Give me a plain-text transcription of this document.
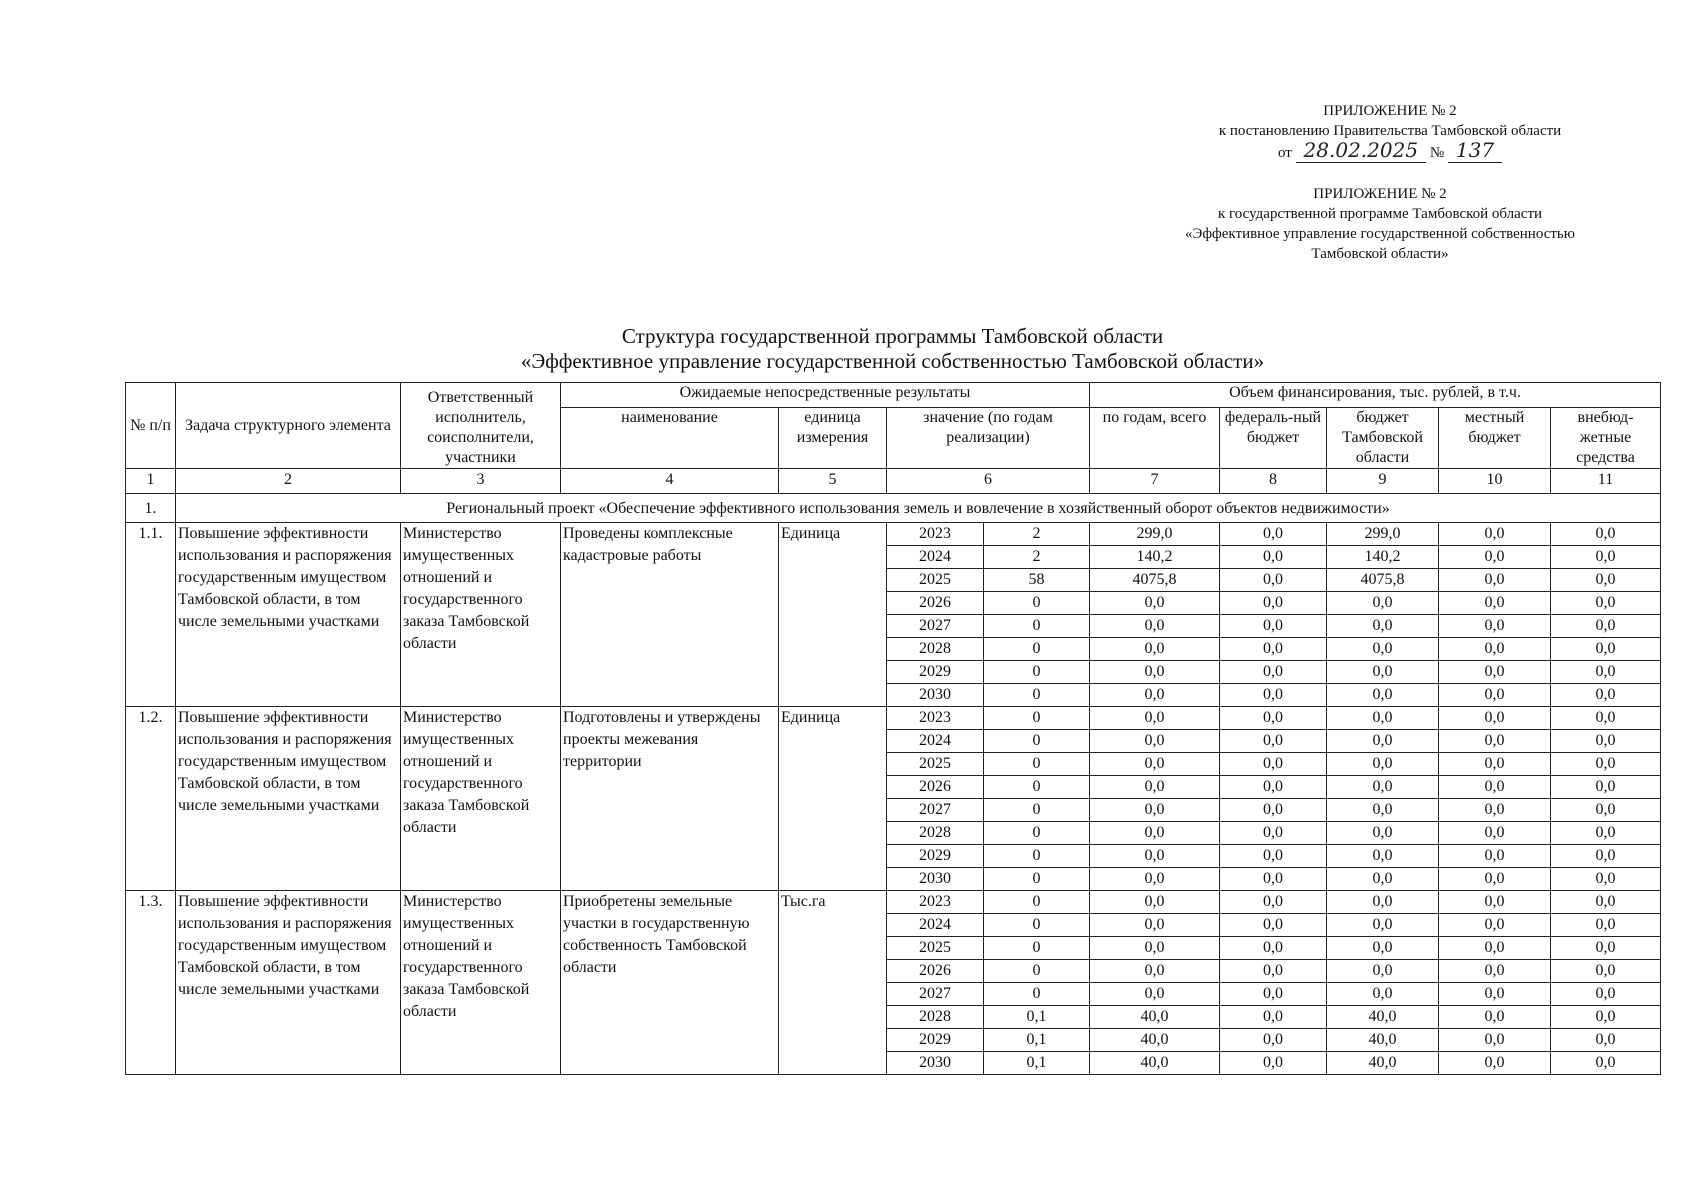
ПРИЛОЖЕНИЕ № 2
к постановлению Правительства Тамбовской области
от 28.02.2025 № 137
ПРИЛОЖЕНИЕ № 2
к государственной программе Тамбовской области
«Эффективное управление государственной собственностью
Тамбовской области»
Структура государственной программы Тамбовской области
«Эффективное управление государственной собственностью Тамбовской области»
№ п/п	Задача структурного элемента	Ответственный исполнитель, соисполнители, участники	Ожидаемые непосредственные результаты				Объем финансирования, тыс. рублей, в т.ч.				
			наименование	единица измерения	значение (по годам реализации)		по годам, всего	федераль-ный бюджет	бюджет Тамбовской области	местный бюджет	внебюд-жетные средства
1	2	3	4	5	6		7	8	9	10	11
1.	Региональный проект «Обеспечение эффективного использования земель и вовлечение в хозяйственный оборот объектов недвижимости»										
1.1.	Повышение эффективности использования и распоряжения государственным имуществом Тамбовской области, в том числе земельными участками	Министерство имущественных отношений и государственного заказа Тамбовской области	Проведены комплексные кадастровые работы	Единица	2023	2	299,0	0,0	299,0	0,0	0,0
					2024	2	140,2	0,0	140,2	0,0	0,0
					2025	58	4075,8	0,0	4075,8	0,0	0,0
					2026	0	0,0	0,0	0,0	0,0	0,0
					2027	0	0,0	0,0	0,0	0,0	0,0
					2028	0	0,0	0,0	0,0	0,0	0,0
					2029	0	0,0	0,0	0,0	0,0	0,0
					2030	0	0,0	0,0	0,0	0,0	0,0
1.2.	Повышение эффективности использования и распоряжения государственным имуществом Тамбовской области, в том числе земельными участками	Министерство имущественных отношений и государственного заказа Тамбовской области	Подготовлены и утверждены проекты межевания территории	Единица	2023	0	0,0	0,0	0,0	0,0	0,0
					2024	0	0,0	0,0	0,0	0,0	0,0
					2025	0	0,0	0,0	0,0	0,0	0,0
					2026	0	0,0	0,0	0,0	0,0	0,0
					2027	0	0,0	0,0	0,0	0,0	0,0
					2028	0	0,0	0,0	0,0	0,0	0,0
					2029	0	0,0	0,0	0,0	0,0	0,0
					2030	0	0,0	0,0	0,0	0,0	0,0
1.3.	Повышение эффективности использования и распоряжения государственным имуществом Тамбовской области, в том числе земельными участками	Министерство имущественных отношений и государственного заказа Тамбовской области	Приобретены земельные участки в государственную собственность Тамбовской области	Тыс.га	2023	0	0,0	0,0	0,0	0,0	0,0
					2024	0	0,0	0,0	0,0	0,0	0,0
					2025	0	0,0	0,0	0,0	0,0	0,0
					2026	0	0,0	0,0	0,0	0,0	0,0
					2027	0	0,0	0,0	0,0	0,0	0,0
					2028	0,1	40,0	0,0	40,0	0,0	0,0
					2029	0,1	40,0	0,0	40,0	0,0	0,0
					2030	0,1	40,0	0,0	40,0	0,0	0,0
